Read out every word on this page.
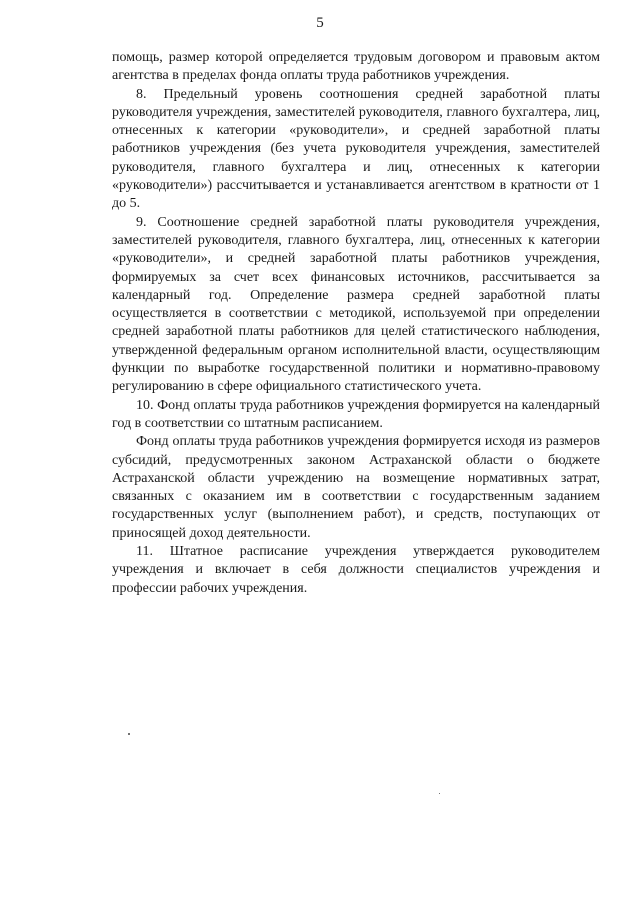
5

помощь, размер которой определяется трудовым договором и правовым актом агентства в пределах фонда оплаты труда работников учреждения.

8. Предельный уровень соотношения средней заработной платы руководителя учреждения, заместителей руководителя, главного бухгалтера, лиц, отнесенных к категории «руководители», и средней заработной платы работников учреждения (без учета руководителя учреждения, заместителей руководителя, главного бухгалтера и лиц, отнесенных к категории «руководители») рассчитывается и устанавливается агентством в кратности от 1 до 5.

9. Соотношение средней заработной платы руководителя учреждения, заместителей руководителя, главного бухгалтера, лиц, отнесенных к категории «руководители», и средней заработной платы работников учреждения, формируемых за счет всех финансовых источников, рассчитывается за календарный год. Определение размера средней заработной платы осуществляется в соответствии с методикой, используемой при определении средней заработной платы работников для целей статистического наблюдения, утвержденной федеральным органом исполнительной власти, осуществляющим функции по выработке государственной политики и нормативно-правовому регулированию в сфере официального статистического учета.

10. Фонд оплаты труда работников учреждения формируется на календарный год в соответствии со штатным расписанием.

Фонд оплаты труда работников учреждения формируется исходя из размеров субсидий, предусмотренных законом Астраханской области о бюджете Астраханской области учреждению на возмещение нормативных затрат, связанных с оказанием им в соответствии с государственным заданием государственных услуг (выполнением работ), и средств, поступающих от приносящей доход деятельности.

11. Штатное расписание учреждения утверждается руководителем учреждения и включает в себя должности специалистов учреждения и профессии рабочих учреждения.
